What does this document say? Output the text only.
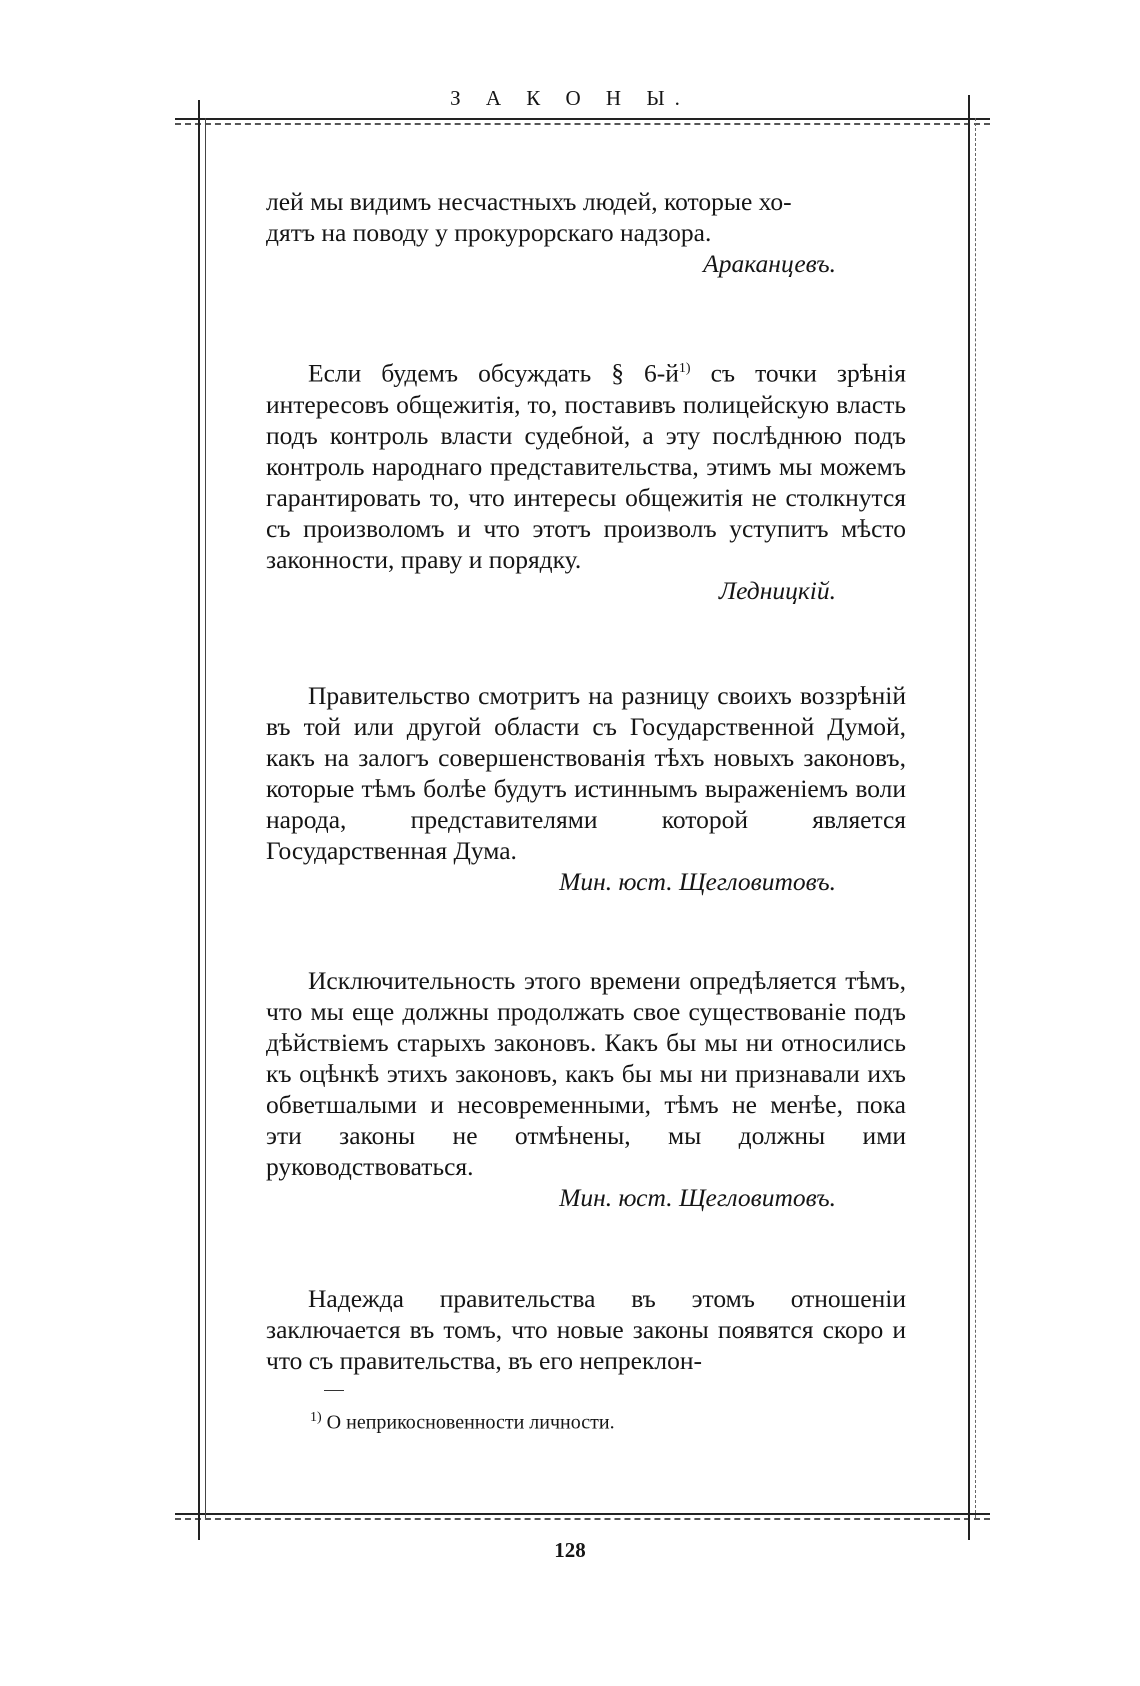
З А К О Н Ы.

лей мы видимъ несчастныхъ людей, которые хо-
дятъ на поводу у прокурорскаго надзора.

Араканцевъ.

Если будемъ обсуждать § $6-й^{1)}$ съ точки зрѣнія интересовъ общежитія, то, поставивъ полицейскую власть подъ контроль власти судебной, а эту послѣднюю подъ контроль народнаго представительства, этимъ мы можемъ гарантировать то, что интересы общежитія не столкнутся съ произволомъ и что этотъ произволъ уступитъ мѣсто законности, праву и порядку.

Ледницкій.

Правительство смотритъ на разницу своихъ воззрѣній въ той или другой области съ Государственной Думой, какъ на залогъ совершенствованія тѣхъ новыхъ законовъ, которые тѣмъ болѣе будутъ истиннымъ выраженіемъ воли народа, представителями которой является Государственная Дума.

Мин. юст. Щегловитовъ.

Исключительность этого времени опредѣляется тѣмъ, что мы еще должны продолжать свое существованіе подъ дѣйствіемъ старыхъ законовъ. Какъ бы мы ни относились къ оцѣнкѣ этихъ законовъ, какъ бы мы ни признавали ихъ обветшалыми и несовременными, тѣмъ не менѣе, пока эти законы не отмѣнены, мы должны ими руководствоваться.

Мин. юст. Щегловитовъ.

Надежда правительства въ этомъ отношеніи заключается въ томъ, что новые законы появятся скоро и что съ правительства, въ его непреклон-

$^{1)}$ О неприкосновенности личности.

128
